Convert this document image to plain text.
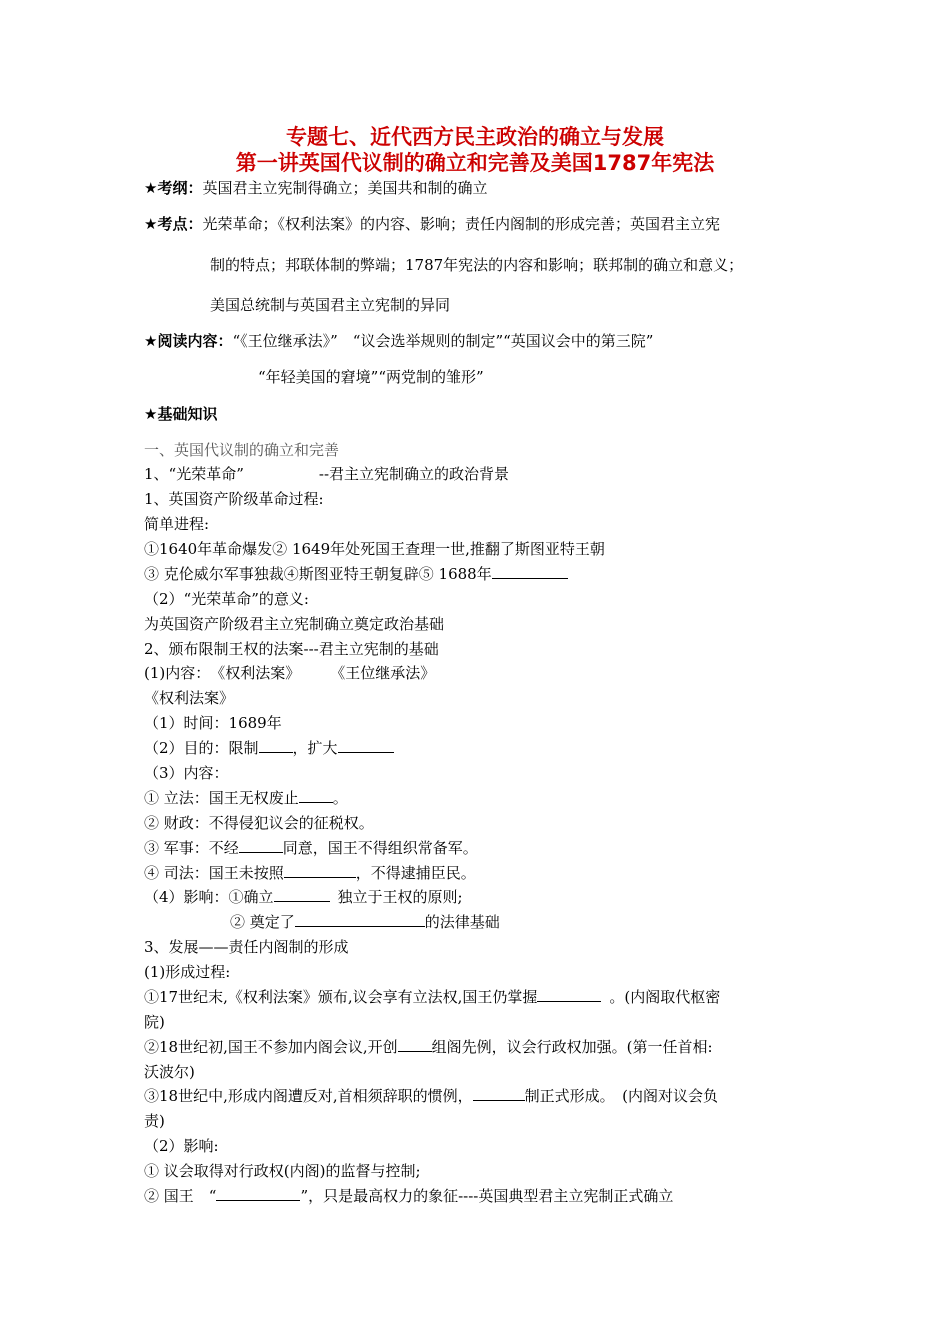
专题七、近代西方民主政治的确立与发展
第一讲英国代议制的确立和完善及美国1787年宪法
★考纲：英国君主立宪制得确立；美国共和制的确立
★考点：光荣革命；《权利法案》的内容、影响；责任内阁制的形成完善；英国君主立宪
制的特点；邦联体制的弊端；1787年宪法的内容和影响；联邦制的确立和意义；
美国总统制与英国君主立宪制的异同
★阅读内容：“《王位继承法》”　“议会选举规则的制定”“英国议会中的第三院”
“年轻美国的窘境”“两党制的雏形”
★基础知识
一、英国代议制的确立和完善
1、“光荣革命”　　　　　--君主立宪制确立的政治背景
1、英国资产阶级革命过程:
简单进程:
①1640年革命爆发② 1649年处死国王查理一世,推翻了斯图亚特王朝
③ 克伦威尔军事独裁④斯图亚特王朝复辟⑤ 1688年
（2）“光荣革命”的意义:
为英国资产阶级君主立宪制确立奠定政治基础
2、颁布限制王权的法案---君主立宪制的基础
(1)内容：　《权利法案》　　　《王位继承法》
《权利法案》
（1）时间：1689年
（2）目的：限制 ，扩大
（3）内容：
① 立法：国王无权废止 。
② 财政：不得侵犯议会的征税权。
③ 军事：不经	同意，国王不得组织常备军。
④ 司法：国王未按照	，不得逮捕臣民。
（4）影响：①确立	独立于王权的原则;
② 奠定了	的法律基础
3、发展——责任内阁制的形成
(1)形成过程:
①17世纪末,《权利法案》颁布,议会享有立法权,国王仍掌握	。(内阁取代枢密
院)
②18世纪初,国王不参加内阁会议,开创 组阁先例，议会行政权加强。(第一任首相:
沃波尔)
③18世纪中,形成内阁遭反对,首相须辞职的惯例，	制正式形成。　(内阁对议会负
责)
（2）影响:
① 议会取得对行政权(内阁)的监督与控制;
② 国王　“	”，只是最高权力的象征----英国典型君主立宪制正式确立
